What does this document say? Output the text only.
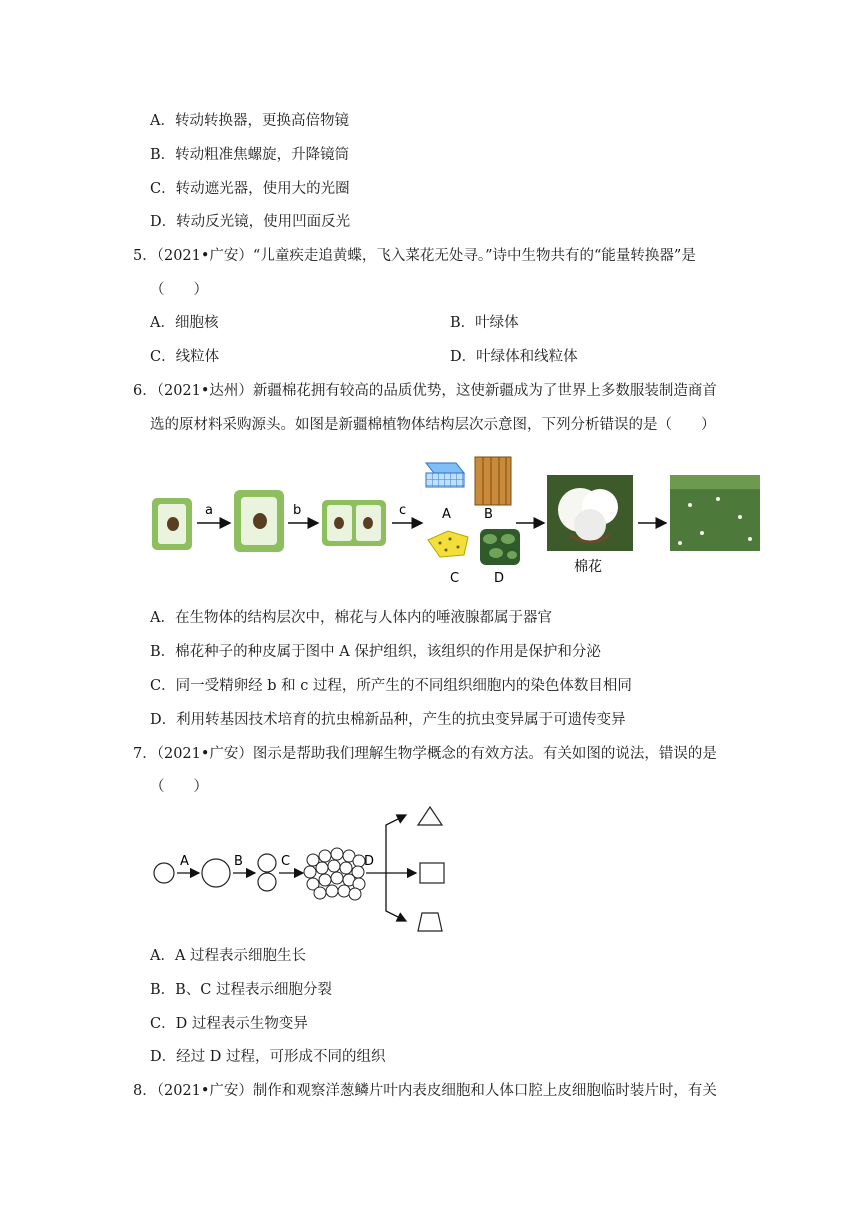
A．转动转换器，更换高倍物镜
B．转动粗准焦螺旋，升降镜筒
C．转动遮光器，使用大的光圈
D．转动反光镜，使用凹面反光
5．（2021•广安）“儿童疾走追黄蝶，飞入菜花无处寻。”诗中生物共有的“能量转换器”是
（　　）
A．细胞核	B．叶绿体
C．线粒体	D．叶绿体和线粒体
6．（2021•达州）新疆棉花拥有较高的品质优势，这使新疆成为了世界上多数服装制造商首
选的原材料采购源头。如图是新疆棉植物体结构层次示意图，下列分析错误的是（　　）
a	b	c	A	B
C	D
棉花
A．在生物体的结构层次中，棉花与人体内的唾液腺都属于器官
B．棉花种子的种皮属于图中 A 保护组织，该组织的作用是保护和分泌
C．同一受精卵经 b 和 c 过程，所产生的不同组织细胞内的染色体数目相同
D．利用转基因技术培育的抗虫棉新品种，产生的抗虫变异属于可遗传变异
7．（2021•广安）图示是帮助我们理解生物学概念的有效方法。有关如图的说法，错误的是
（　　）
A	B	C	D
A．A 过程表示细胞生长
B．B、C 过程表示细胞分裂
C．D 过程表示生物变异
D．经过 D 过程，可形成不同的组织
8．（2021•广安）制作和观察洋葱鳞片叶内表皮细胞和人体口腔上皮细胞临时装片时，有关
